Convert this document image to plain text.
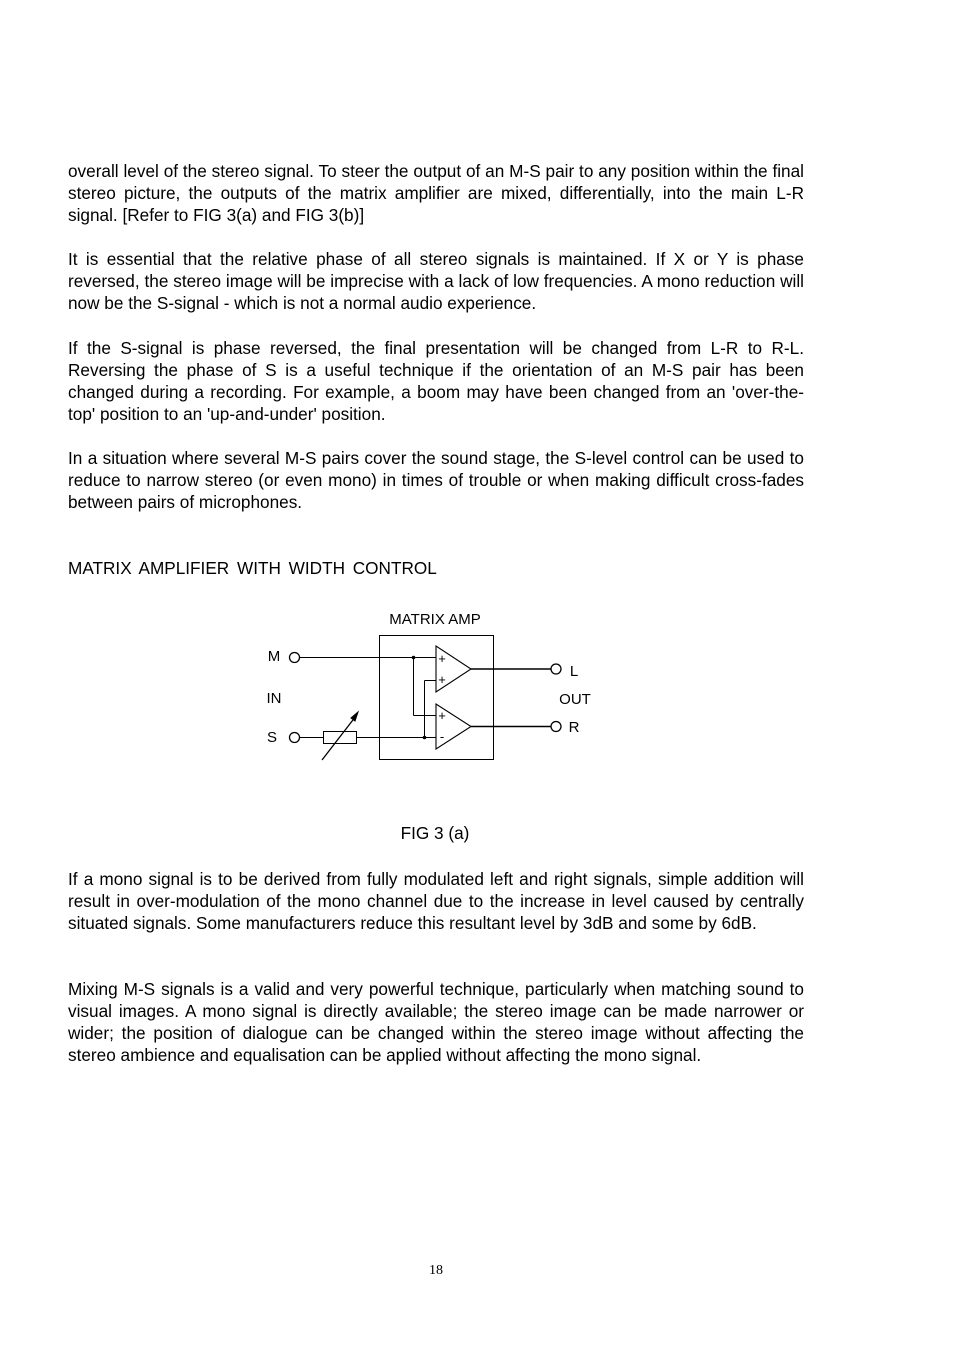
overall level of the stereo signal. To steer the output of an M-S pair to any position within the final stereo picture, the outputs of the matrix amplifier are mixed, differentially, into the main L-R signal. [Refer to FIG 3(a) and FIG 3(b)]

It is essential that the relative phase of all stereo signals is maintained. If X or Y is phase reversed, the stereo image will be imprecise with a lack of low frequencies. A mono reduction will now be the S-signal - which is not a normal audio experience.

If the S-signal is phase reversed, the final presentation will be changed from L-R to R-L. Reversing the phase of S is a useful technique if the orientation of an M-S pair has been changed during a recording. For example, a boom may have been changed from an 'over-the-top' position to an 'up-and-under' position.

In a situation where several M-S pairs cover the sound stage, the S-level control can be used to reduce to narrow stereo (or even mono) in times of trouble or when making difficult cross-fades between pairs of microphones.

MATRIX AMPLIFIER WITH WIDTH CONTROL

MATRIX AMP
M
IN
S
+
+
+
-
L
OUT
R

FIG 3 (a)

If a mono signal is to be derived from fully modulated left and right signals, simple addition will result in over-modulation of the mono channel due to the increase in level caused by centrally situated signals. Some manufacturers reduce this resultant level by 3dB and some by 6dB.

Mixing M-S signals is a valid and very powerful technique, particularly when matching sound to visual images. A mono signal is directly available; the stereo image can be made narrower or wider; the position of dialogue can be changed within the stereo image without affecting the stereo ambience and equalisation can be applied without affecting the mono signal.

18
